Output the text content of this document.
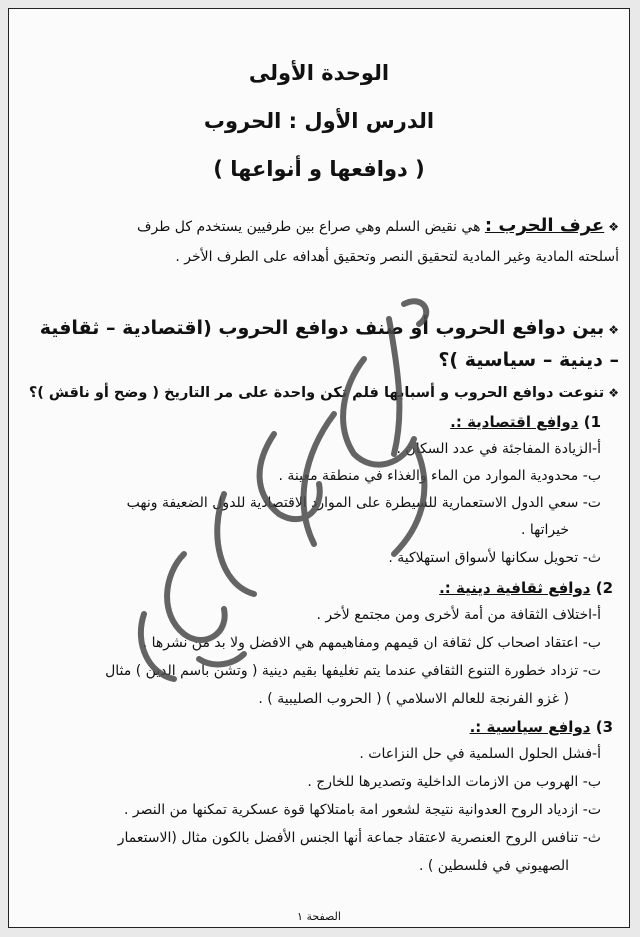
الوحدة الأولى
الدرس الأول : الحروب
( دوافعها و أنواعها )
❖عرف الحرب : هي نقيض السلم وهي صراع بين طرفيين يستخدم كل طرف
أسلحته المادية وغير المادية لتحقيق النصر وتحقيق أهدافه على الطرف الأخر .
❖بين دوافع الحروب أو صنف دوافع الحروب (اقتصادية – ثقافية
– دينية – سياسية )؟
❖تنوعت دوافع الحروب و أسبابها فلم تكن واحدة على مر التاريخ ( وضح أو ناقش )؟
1) دوافع اقتصادية :.
أ-الزيادة المفاجئة في عدد السكان .
ب- محدودية الموارد من الماء والغذاء في منطقة معينة .
ت- سعي الدول الاستعمارية للسيطرة على الموارد الاقتصادية للدول الضعيفة ونهب
خيراتها .
ث- تحويل سكانها لأسواق استهلاكية .
2) دوافع ثقافية دينية :.
أ-اختلاف الثقافة من أمة لأخرى ومن مجتمع لأخر .
ب- اعتقاد اصحاب كل ثقافة ان قيمهم ومفاهيمهم هي الافضل ولا بد من نشرها .
ت- تزداد خطورة التنوع الثقافي عندما يتم تغليفها بقيم دينية ( وتشن باسم الدين ) مثال
( غزو الفرنجة للعالم الاسلامي ) ( الحروب الصليبية ) .
3) دوافع سياسية :.
أ-فشل الحلول السلمية في حل النزاعات .
ب- الهروب من الازمات الداخلية وتصديرها للخارج .
ت- ازدياد الروح العدوانية نتيجة لشعور امة بامتلاكها قوة عسكرية تمكنها من النصر .
ث- تنافس الروح العنصرية لاعتقاد جماعة أنها الجنس الأفضل بالكون مثال (الاستعمار
الصهيوني في فلسطين ) .
الصفحة ١
